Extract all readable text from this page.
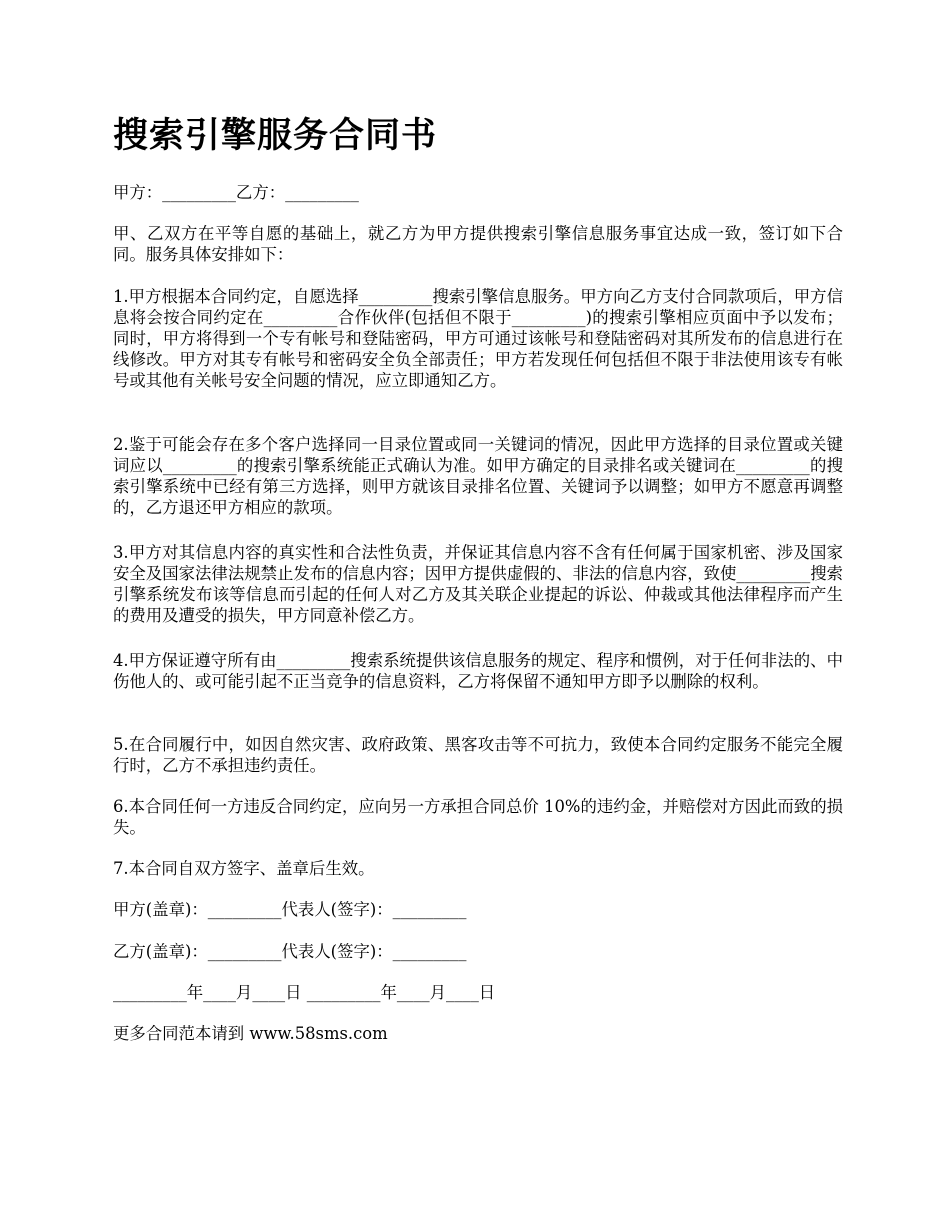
搜索引擎服务合同书

甲方：_________乙方：_________

甲、乙双方在平等自愿的基础上，就乙方为甲方提供搜索引擎信息服务事宜达成一致，签订如下合同。服务具体安排如下：

1.甲方根据本合同约定，自愿选择_________搜索引擎信息服务。甲方向乙方支付合同款项后，甲方信息将会按合同约定在_________合作伙伴(包括但不限于_________)的搜索引擎相应页面中予以发布；同时，甲方将得到一个专有帐号和登陆密码，甲方可通过该帐号和登陆密码对其所发布的信息进行在线修改。甲方对其专有帐号和密码安全负全部责任；甲方若发现任何包括但不限于非法使用该专有帐号或其他有关帐号安全问题的情况，应立即通知乙方。

2.鉴于可能会存在多个客户选择同一目录位置或同一关键词的情况，因此甲方选择的目录位置或关键词应以_________的搜索引擎系统能正式确认为准。如甲方确定的目录排名或关键词在_________的搜索引擎系统中已经有第三方选择，则甲方就该目录排名位置、关键词予以调整；如甲方不愿意再调整的，乙方退还甲方相应的款项。

3.甲方对其信息内容的真实性和合法性负责，并保证其信息内容不含有任何属于国家机密、涉及国家安全及国家法律法规禁止发布的信息内容；因甲方提供虚假的、非法的信息内容，致使_________搜索引擎系统发布该等信息而引起的任何人对乙方及其关联企业提起的诉讼、仲裁或其他法律程序而产生的费用及遭受的损失，甲方同意补偿乙方。

4.甲方保证遵守所有由_________搜索系统提供该信息服务的规定、程序和惯例，对于任何非法的、中伤他人的、或可能引起不正当竞争的信息资料，乙方将保留不通知甲方即予以删除的权利。

5.在合同履行中，如因自然灾害、政府政策、黑客攻击等不可抗力，致使本合同约定服务不能完全履行时，乙方不承担违约责任。

6.本合同任何一方违反合同约定，应向另一方承担合同总价 10%的违约金，并赔偿对方因此而致的损失。

7.本合同自双方签字、盖章后生效。

甲方(盖章)：_________代表人(签字)：_________

乙方(盖章)：_________代表人(签字)：_________

_________年____月____日 _________年____月____日

更多合同范本请到 www.58sms.com
